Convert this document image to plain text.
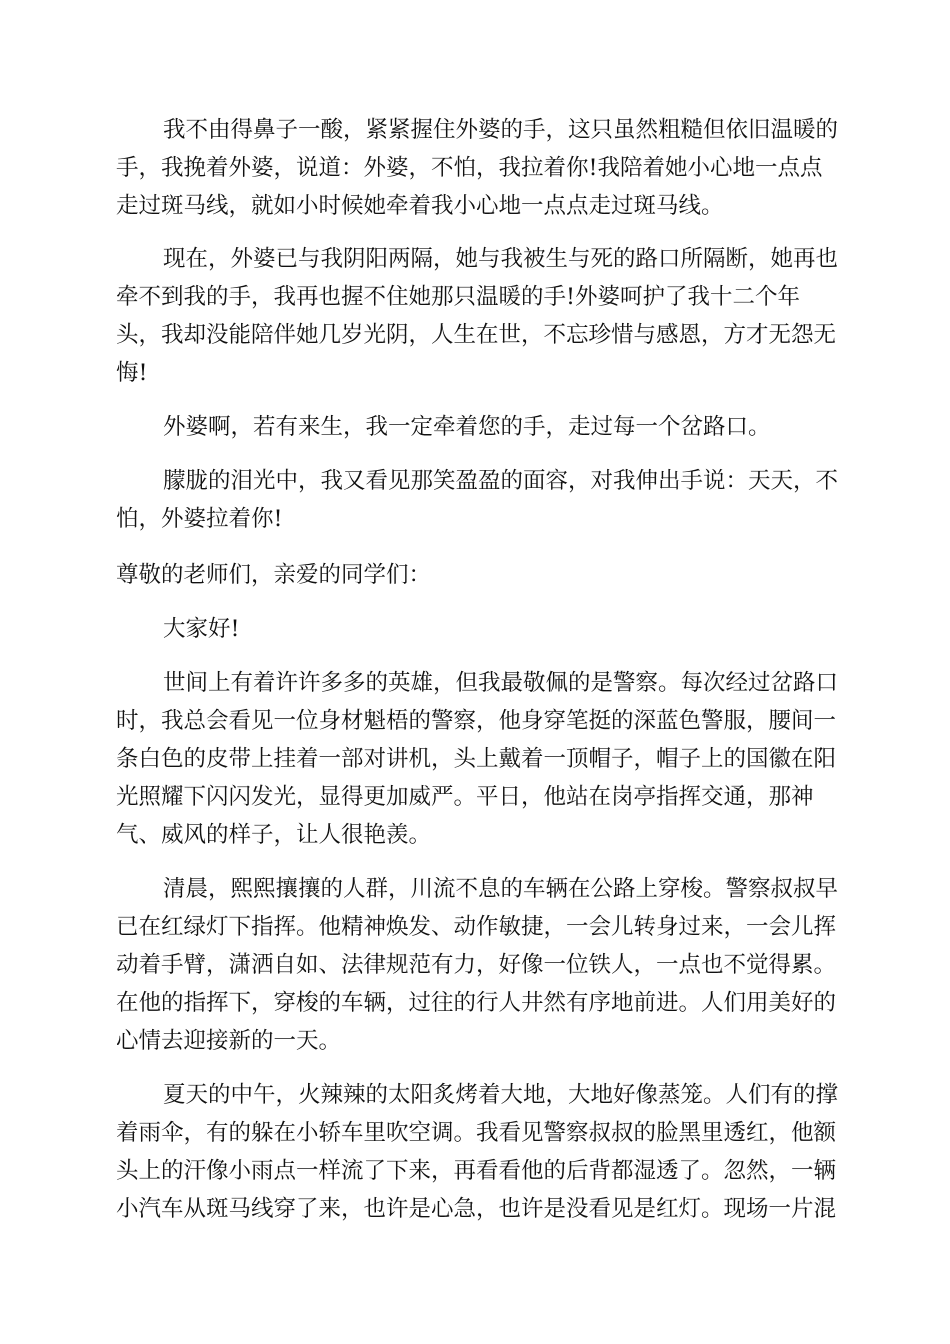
我不由得鼻子一酸，紧紧握住外婆的手，这只虽然粗糙但依旧温暖的
手，我挽着外婆，说道：外婆，不怕，我拉着你!我陪着她小心地一点点
走过斑马线，就如小时候她牵着我小心地一点点走过斑马线。
现在，外婆已与我阴阳两隔，她与我被生与死的路口所隔断，她再也
牵不到我的手，我再也握不住她那只温暖的手!外婆呵护了我十二个年
头，我却没能陪伴她几岁光阴，人生在世，不忘珍惜与感恩，方才无怨无
悔!
外婆啊，若有来生，我一定牵着您的手，走过每一个岔路口。
朦胧的泪光中，我又看见那笑盈盈的面容，对我伸出手说：天天，不
怕，外婆拉着你!
尊敬的老师们，亲爱的同学们：
大家好!
世间上有着许许多多的英雄，但我最敬佩的是警察。每次经过岔路口
时，我总会看见一位身材魁梧的警察，他身穿笔挺的深蓝色警服，腰间一
条白色的皮带上挂着一部对讲机，头上戴着一顶帽子，帽子上的国徽在阳
光照耀下闪闪发光，显得更加威严。平日，他站在岗亭指挥交通，那神
气、威风的样子，让人很艳羡。
清晨，熙熙攘攘的人群，川流不息的车辆在公路上穿梭。警察叔叔早
已在红绿灯下指挥。他精神焕发、动作敏捷，一会儿转身过来，一会儿挥
动着手臂，潇洒自如、法律规范有力，好像一位铁人，一点也不觉得累。
在他的指挥下，穿梭的车辆，过往的行人井然有序地前进。人们用美好的
心情去迎接新的一天。
夏天的中午，火辣辣的太阳炙烤着大地，大地好像蒸笼。人们有的撑
着雨伞，有的躲在小轿车里吹空调。我看见警察叔叔的脸黑里透红，他额
头上的汗像小雨点一样流了下来，再看看他的后背都湿透了。忽然，一辆
小汽车从斑马线穿了来，也许是心急，也许是没看见是红灯。现场一片混
